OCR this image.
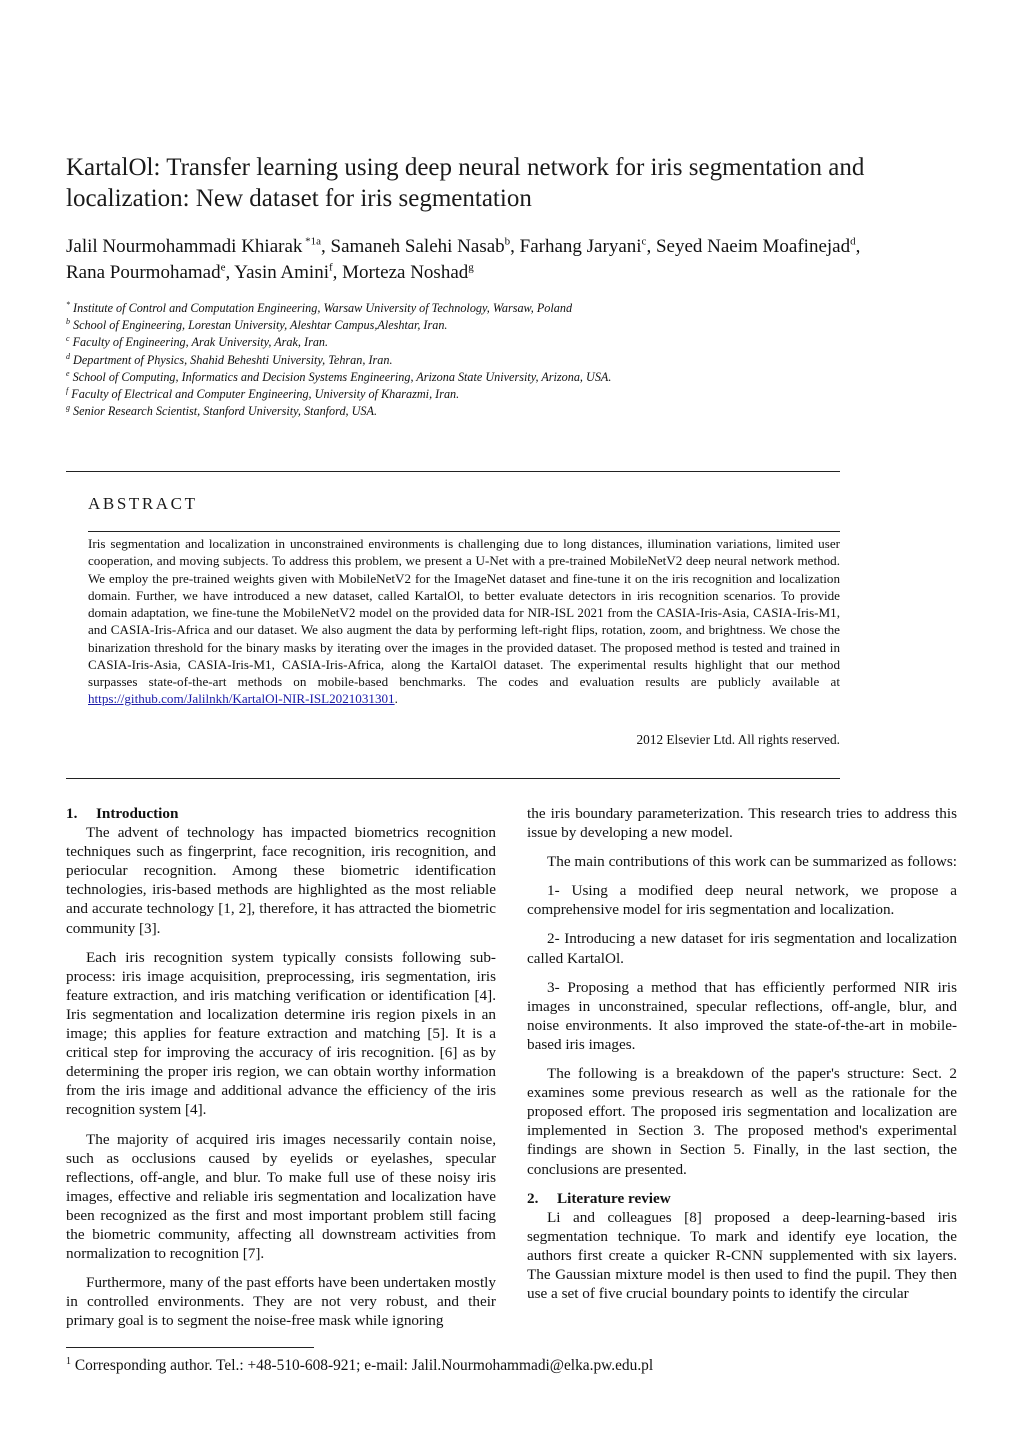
KartalOl: Transfer learning using deep neural network for iris segmentation and localization: New dataset for iris segmentation
Jalil Nourmohammadi Khiarak $^{*1a}$, Samaneh Salehi Nasab$^b$, Farhang Jaryani$^c$, Seyed Naeim Moafinejad$^d$,
Rana Pourmohamad$^e$, Yasin Amini$^f$, Morteza Noshad$^g$
* Institute of Control and Computation Engineering, Warsaw University of Technology, Warsaw, Poland
$^b$ School of Engineering, Lorestan University, Aleshtar Campus,Aleshtar, Iran.
$^c$ Faculty of Engineering, Arak University, Arak, Iran.
$^d$ Department of Physics, Shahid Beheshti University, Tehran, Iran.
$^e$ School of Computing, Informatics and Decision Systems Engineering, Arizona State University, Arizona, USA.
$^f$ Faculty of Electrical and Computer Engineering, University of Kharazmi, Iran.
$^g$ Senior Research Scientist, Stanford University, Stanford, USA.
ABSTRACT
Iris segmentation and localization in unconstrained environments is challenging due to long distances, illumination variations, limited user cooperation, and moving subjects. To address this problem, we present a U-Net with a pre-trained MobileNetV2 deep neural network method. We employ the pre-trained weights given with MobileNetV2 for the ImageNet dataset and fine-tune it on the iris recognition and localization domain. Further, we have introduced a new dataset, called KartalOl, to better evaluate detectors in iris recognition scenarios. To provide domain adaptation, we fine-tune the MobileNetV2 model on the provided data for NIR-ISL 2021 from the CASIA-Iris-Asia, CASIA-Iris-M1, and CASIA-Iris-Africa and our dataset. We also augment the data by performing left-right flips, rotation, zoom, and brightness. We chose the binarization threshold for the binary masks by iterating over the images in the provided dataset. The proposed method is tested and trained in CASIA-Iris-Asia, CASIA-Iris-M1, CASIA-Iris-Africa, along the KartalOl dataset. The experimental results highlight that our method surpasses state-of-the-art methods on mobile-based benchmarks. The codes and evaluation results are publicly available at https://github.com/Jalilnkh/KartalOl-NIR-ISL2021031301.
2012 Elsevier Ltd. All rights reserved.
1. Introduction

The advent of technology has impacted biometrics recognition techniques such as fingerprint, face recognition, iris recognition, and periocular recognition. Among these biometric identification technologies, iris-based methods are highlighted as the most reliable and accurate technology [1, 2], therefore, it has attracted the biometric community [3].

Each iris recognition system typically consists following sub-process: iris image acquisition, preprocessing, iris segmentation, iris feature extraction, and iris matching verification or identification [4]. Iris segmentation and localization determine iris region pixels in an image; this applies for feature extraction and matching [5]. It is a critical step for improving the accuracy of iris recognition. [6] as by determining the proper iris region, we can obtain worthy information from the iris image and additional advance the efficiency of the iris recognition system [4].

The majority of acquired iris images necessarily contain noise, such as occlusions caused by eyelids or eyelashes, specular reflections, off-angle, and blur. To make full use of these noisy iris images, effective and reliable iris segmentation and localization have been recognized as the first and most important problem still facing the biometric community, affecting all downstream activities from normalization to recognition [7].

Furthermore, many of the past efforts have been undertaken mostly in controlled environments. They are not very robust, and their primary goal is to segment the noise-free mask while ignoring

the iris boundary parameterization. This research tries to address this issue by developing a new model.

The main contributions of this work can be summarized as follows:

1- Using a modified deep neural network, we propose a comprehensive model for iris segmentation and localization.

2- Introducing a new dataset for iris segmentation and localization called KartalOl.

3- Proposing a method that has efficiently performed NIR iris images in unconstrained, specular reflections, off-angle, blur, and noise environments. It also improved the state-of-the-art in mobile-based iris images.

The following is a breakdown of the paper's structure: Sect. 2 examines some previous research as well as the rationale for the proposed effort. The proposed iris segmentation and localization are implemented in Section 3. The proposed method's experimental findings are shown in Section 5. Finally, in the last section, the conclusions are presented.

2. Literature review

Li and colleagues [8] proposed a deep-learning-based iris segmentation technique. To mark and identify eye location, the authors first create a quicker R-CNN supplemented with six layers. The Gaussian mixture model is then used to find the pupil. They then use a set of five crucial boundary points to identify the circular

$^1$ Corresponding author. Tel.: +48-510-608-921; e-mail: Jalil.Nourmohammadi@elka.pw.edu.pl
